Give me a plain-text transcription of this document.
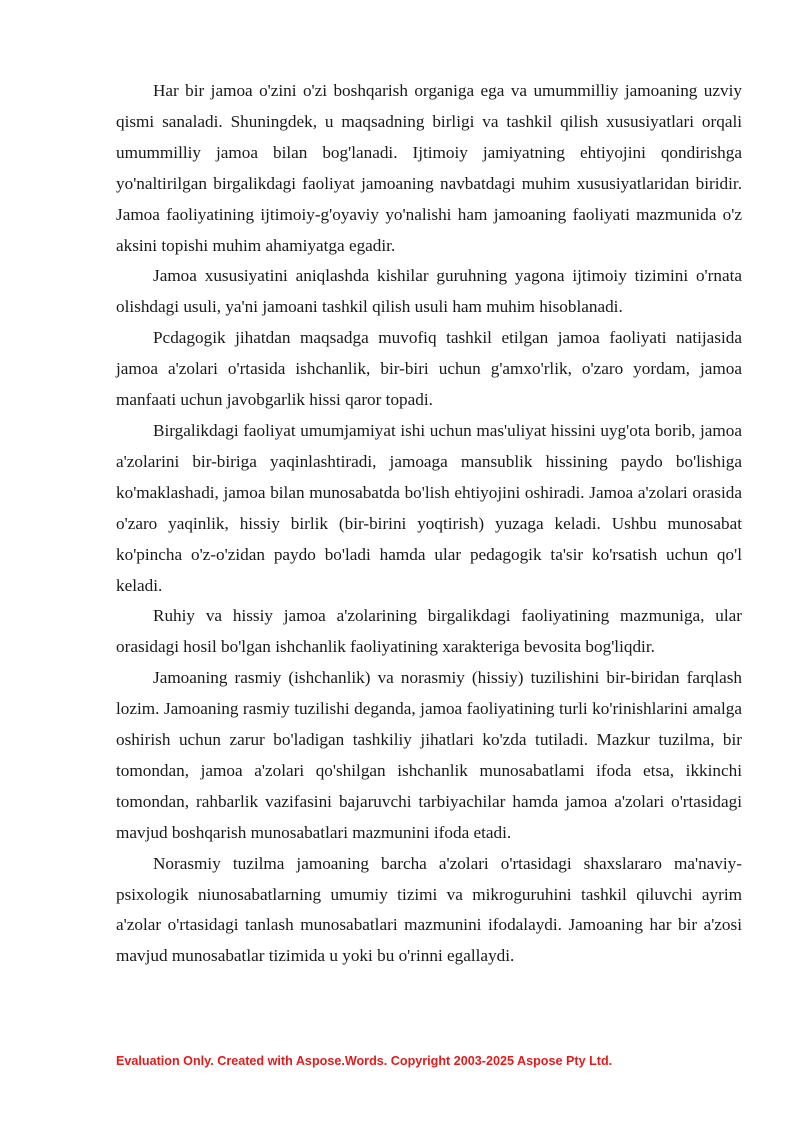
Har bir jamoa o'zini o'zi boshqarish organiga ega va umummilliy jamoaning uzviy qismi sanaladi. Shuningdek, u maqsadning birligi va tashkil qilish xususiyatlari orqali umummilliy jamoa bilan bog'lanadi. Ijtimoiy jamiyatning ehtiyojini qondirishga yo'naltirilgan birgalikdagi faoliyat jamoaning navbatdagi muhim xususiyatlaridan biridir. Jamoa faoliyatining ijtimoiy-g'oyaviy yo'nalishi ham jamoaning faoliyati mazmunida o'z aksini topishi muhim ahamiyatga egadir.

Jamoa xususiyatini aniqlashda kishilar guruhning yagona ijtimoiy tizimini o'rnata olishdagi usuli, ya'ni jamoani tashkil qilish usuli ham muhim hisoblanadi.

Pcdagogik jihatdan maqsadga muvofiq tashkil etilgan jamoa faoliyati natijasida jamoa a'zolari o'rtasida ishchanlik, bir-biri uchun g'amxo'rlik, o'zaro yordam, jamoa manfaati uchun javobgarlik hissi qaror topadi.

Birgalikdagi faoliyat umumjamiyat ishi uchun mas'uliyat hissini uyg'ota borib, jamoa a'zolarini bir-biriga yaqinlashtiradi, jamoaga mansublik hissining paydo bo'lishiga ko'maklashadi, jamoa bilan munosabatda bo'lish ehtiyojini oshiradi. Jamoa a'zolari orasida o'zaro yaqinlik, hissiy birlik (bir-birini yoqtirish) yuzaga keladi. Ushbu munosabat ko'pincha o'z-o'zidan paydo bo'ladi hamda ular pedagogik ta'sir ko'rsatish uchun qo'l keladi.

Ruhiy va hissiy jamoa a'zolarining birgalikdagi faoliyatining mazmuniga, ular orasidagi hosil bo'lgan ishchanlik faoliyatining xarakteriga bevosita bog'liqdir.

Jamoaning rasmiy (ishchanlik) va norasmiy (hissiy) tuzilishini bir-biridan farqlash lozim. Jamoaning rasmiy tuzilishi deganda, jamoa faoliyatining turli ko'rinishlarini amalga oshirish uchun zarur bo'ladigan tashkiliy jihatlari ko'zda tutiladi. Mazkur tuzilma, bir tomondan, jamoa a'zolari qo'shilgan ishchanlik munosabatlami ifoda etsa, ikkinchi tomondan, rahbarlik vazifasini bajaruvchi tarbiyachilar hamda jamoa a'zolari o'rtasidagi mavjud boshqarish munosabatlari mazmunini ifoda etadi.

Norasmiy tuzilma jamoaning barcha a'zolari o'rtasidagi shaxslararo ma'naviy-psixologik niunosabatlarning umumiy tizimi va mikroguruhini tashkil qiluvchi ayrim a'zolar o'rtasidagi tanlash munosabatlari mazmunini ifodalaydi. Jamoaning har bir a'zosi mavjud munosabatlar tizimida u yoki bu o'rinni egallaydi.

Evaluation Only. Created with Aspose.Words. Copyright 2003-2025 Aspose Pty Ltd.
